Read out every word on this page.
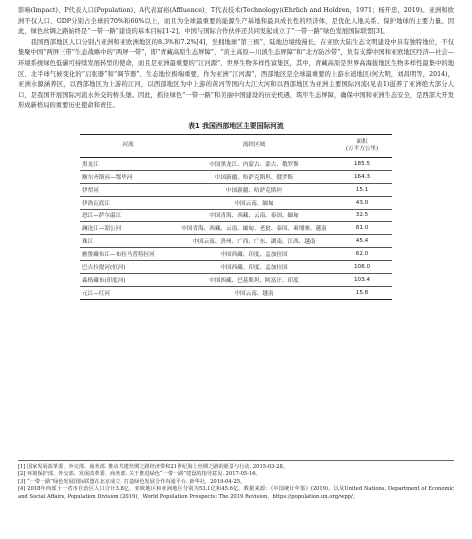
影响(Impact)、P代表人口(Population)、A代表富裕(Affluence)、T代表技术(Technology)(Ehrlich and Holdren，1971；杨开忠，2019)。亚洲和欧洲不仅人口、GDP分别占全球的70%和60%以上，而且为全球最重要的能源生产基地和最具成长性的经济体，是优化人地关系、保护地球的主要力量。因此，绿色丝绸之路始终是“一带一路”建设的基本目标[1-2]，中国与国际合作伙伴还共同发起成立了“一带一路”绿色发展国际联盟[3]。

我国西部地区人口分别占亚洲和亚欧洲地区的8.3%和7.2%[4]，坐拥地球“第三极”，陆地边境线漫长，在亚欧大陆生态文明建设中具有独特地位，不仅集聚中国“两屏三带”生态战略中的“两屏一带”，即“青藏高原生态屏障”、“黄土高原—川滇生态屏障”和“北方防沙带”，负有支撑中国和亚欧地区经济—社会—环境系统绿色低碳可持续发展转型的使命，而且是亚洲最重要的“江河源”、世界生物多样性富集区，其中，青藏高原是世界高海拔地区生物多样性最集中的地区、北半球气候变化的“启张器”和“调节器”、生态地位极端重要，作为亚洲“江河源”，西部地区是全球最重要的上游水道地区(何大明，刘昌明等，2014)，亚洲水源涵养区，以西部地区为上游的江河，以西部地区为中上游的黄河等国内大江大河和以西部地区为亚洲主要国际河流(见表1)滋养了亚洲绝大部分人口，是我国开展国际河流水外交的桥头堡。因此，抓住绿色“一带一路”和美丽中国建设的历史机遇，筑牢生态屏障，确保中国和亚洲生态安全，是西部大开发形成新格局的重要历史使命和责任。

表1 我国西部地区主要国际河流
河流	流经区域	面积
(万平方公里)
黑龙江	中国黑龙江、内蒙古、蒙古、俄罗斯	185.5
额尔齐斯河—鄂毕河	中国新疆、哈萨克斯坦、俄罗斯	164.3
伊犁河	中国新疆、哈萨克斯坦	15.1
伊洛瓦底江	中国云南、缅甸	43.0
怒江—萨尔温江	中国青海、西藏、云南、泰国、缅甸	32.5
澜沧江—湄公河	中国青海、西藏、云南、缅甸、老挝、泰国、柬埔寨、越南	81.0
珠江	中国云南、贵州、广西、广东、湖南、江西、越南	45.4
雅鲁藏布江—布拉马普特拉河	中国西藏、印度、孟加拉国	62.0
巴吉拉提河(恒河)	中国西藏、印度、孟加拉国	108.0
森格藏布(印度河)	中国西藏、巴基斯坦、阿富汗、印度	103.4
元江—红河	中国云南、越南	15.8

[1] 国家发展改革委、外交部、商务部. 推动共建丝绸之路经济带和21世纪海上丝绸之路的愿景与行动. 2015-03-28。

[2] 环境保护部、外交部、发展改革委、商务部. 关于推进绿色“一带一路”建设的指导意见. 2017-05-16。

[3] “一带一路”绿色发展国际联盟在北京成立. 打造绿色发展合作沟通平台. 新华社，2019-04-25。

[4] 2018年西部十一省市自治区人口合计3.8亿，亚欧地区和亚洲地区分别为53.1亿和45.6亿。数据来源：《中国统计年鉴》(2019)，以及United Nations, Department of Economic and Social Affairs, Population Division (2019)，World Population Prospects: The 2019 Revision，https://population.un.org/wpp/。
